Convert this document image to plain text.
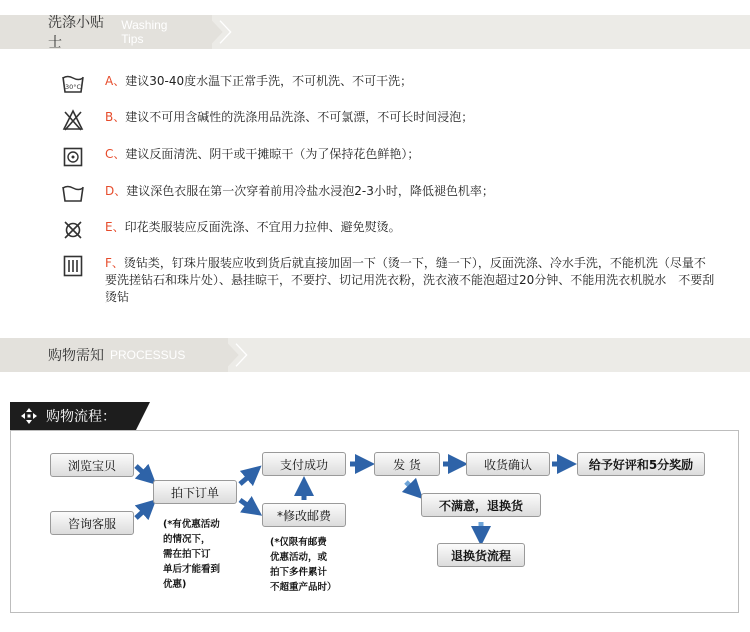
洗涤小贴士
Washing Tips
30°C A、建议30-40度水温下正常手洗，不可机洗、不可干洗；
B、建议不可用含碱性的洗涤用品洗涤、不可氯漂，不可长时间浸泡；
C、建议反面清洗、阴干或干摊晾干（为了保持花色鲜艳）；
D、建议深色衣服在第一次穿着前用冷盐水浸泡2-3小时，降低褪色机率；
E、印花类服装应反面洗涤、不宜用力拉伸、避免熨烫。
F、烫钻类，钉珠片服装应收到货后就直接加固一下（烫一下，缝一下），反面洗涤、冷水手洗，不能机洗（尽量不要洗搓钻石和珠片处）、悬挂晾干，不要拧、切记用洗衣粉，洗衣液不能泡超过20分钟、不能用洗衣机脱水　不要刮烫钻
购物需知 PROCESSUS
购物流程：
浏览宝贝
咨询客服
拍下订单
支付成功
*修改邮费
发 货	收货确认	给予好评和5分奖励
不满意，退换货
退换货流程
(*有优惠活动
的情况下，
需在拍下订
单后才能看到
优惠)
(*仅限有邮费
优惠活动，或
拍下多件累计
不超重产品时）
